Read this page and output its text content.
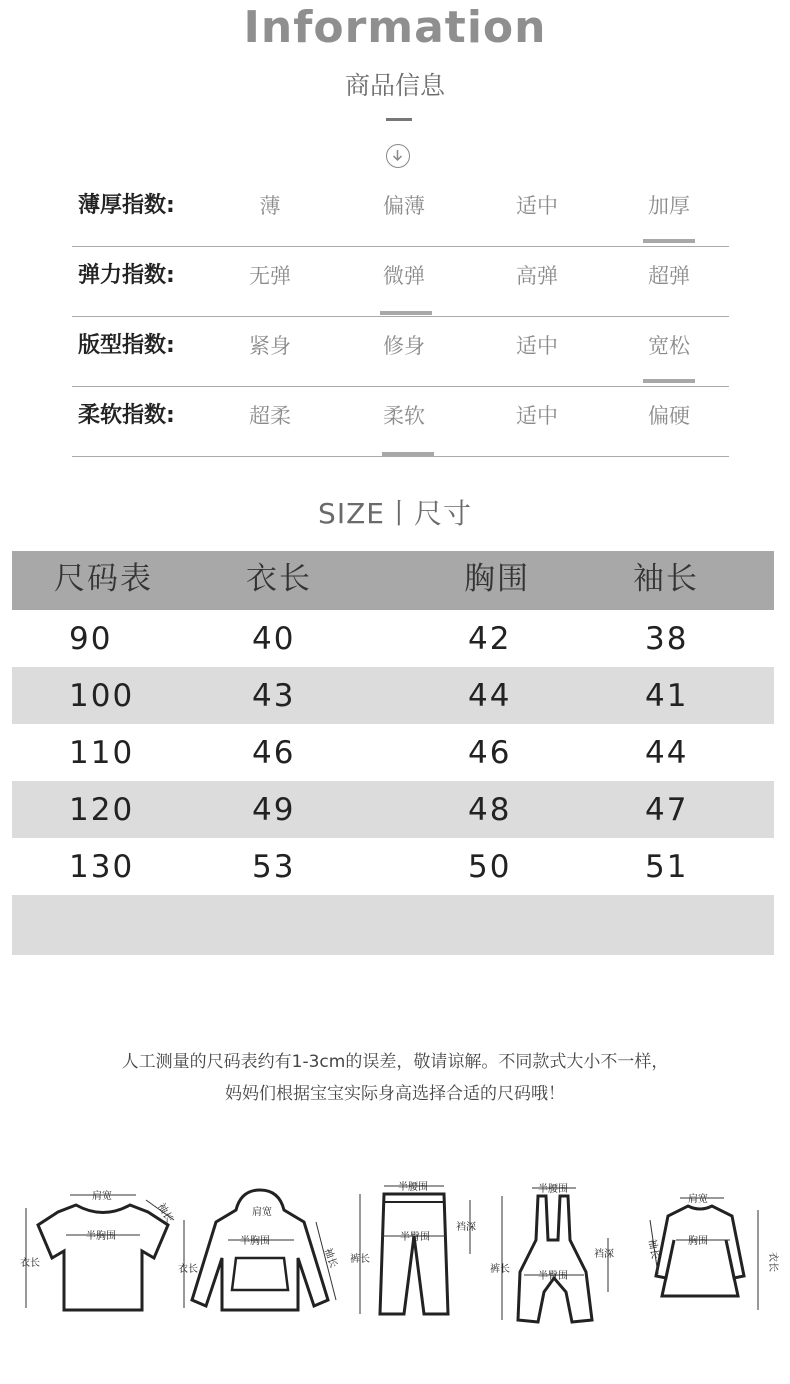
Information
商品信息
薄厚指数:	薄	偏薄	适中	加厚
弹力指数:	无弹	微弹	高弹	超弹
版型指数:	紧身	修身	适中	宽松
柔软指数:	超柔	柔软	适中	偏硬
SIZE丨尺寸
尺码表	衣长	胸围	袖长
90	40	42	38
100	43	44	41
110	46	46	44
120	49	48	47
130	53	50	51
人工测量的尺码表约有1-3cm的误差，敬请谅解。不同款式大小不一样，
妈妈们根据宝宝实际身高选择合适的尺码哦！
肩宽
袖长
半胸围
衣长
肩宽
半胸围
袖长
衣长
半腰围
半臀围
裆深
裤长
半腰围
半臀围
裆深
裤长
肩宽
袖长	胸围
衣长
